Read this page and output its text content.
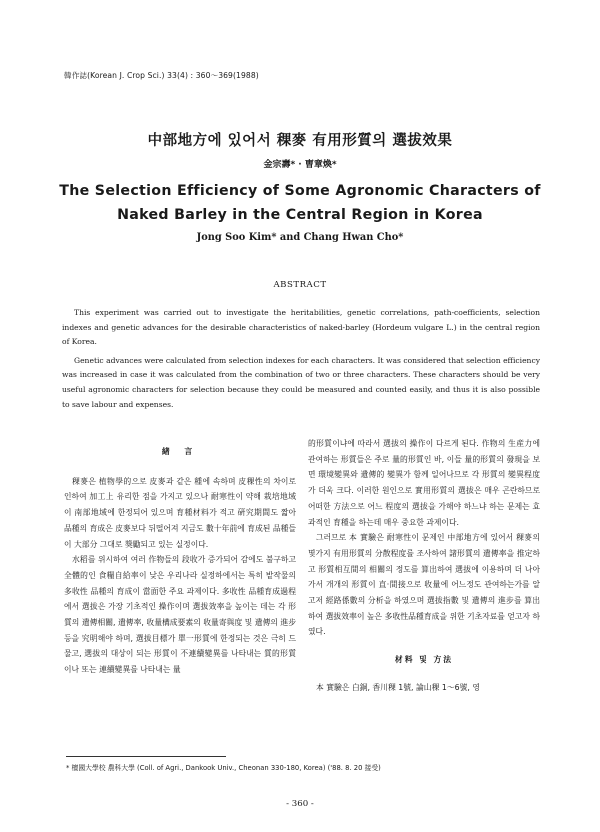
韓作誌(Korean J. Crop Sci.) 33(4) : 360～369(1988)
中部地方에 있어서 稞麥 有用形質의 選拔效果
金宗壽* · 曺章煥*
The Selection Efficiency of Some Agronomic Characters of
Naked Barley in the Central Region in Korea
Jong Soo Kim* and Chang Hwan Cho*
ABSTRACT

This experiment was carried out to investigate the heritabilities, genetic correlations, path-coefficients, selection indexes and genetic advances for the desirable characteristics of naked-barley (Hordeum vulgare L.) in the central region of Korea.

Genetic advances were calculated from selection indexes for each characters. It was considered that selection efficiency was increased in case it was calculated from the combination of two or three characters. These characters should be very useful agronomic characters for selection because they could be measured and counted easily, and thus it is also possible to save labour and expenses.

緖 言

稞麥은 植物學的으로 皮麥과 같은 種에 속하며 皮稞性의 차이로 인하여 加工上 유리한 점을 가지고 있으나 耐寒性이 약해 栽培地域이 南部地域에 한정되어 있으며 育種材料가 적고 硏究期間도 짧아 品種의 育成은 皮麥보다 뒤떨어져 지금도 數十年前에 育成된 品種들이 大部分 그대로 獎勵되고 있는 실정이다.

水稻를 위시하여 여러 作物들의 段收가 증가되어 감에도 불구하고 全體的인 食糧自給率이 낮은 우리나라 실정하에서는 특히 밭작물의 多收性 品種의 育成이 當面한 주요 과제이다. 多收性 品種育成過程에서 選拔은 가장 기초적인 操作이며 選拔效率을 높이는 데는 각 形質의 遺傳相關, 遺傳率, 收量構成要素의 收量寄與度 및 遺傳의 進步 등을 究明해야 하며, 選拔目標가 單一形質에 한정되는 것은 극히 드물고, 選拔의 대상이 되는 形質이 不連續變異를 나타내는 質的形質이나 또는 連續變異를 나타내는 量

的形質이냐에 따라서 選拔의 操作이 다르게 된다. 作物의 生産力에 관여하는 形質들은 주로 量的形質인 바, 이들 量的形質의 發現을 보면 環境變異와 遺傳的 變異가 함께 일어나므로 각 形質의 變異程度가 더욱 크다. 이러한 원인으로 實用形質의 選拔은 매우 곤란하므로 어떠한 方法으로 어느 程度의 選拔을 가해야 하느냐 하는 문제는 효과적인 育種을 하는데 매우 중요한 과제이다.

그러므로 本 實驗은 耐寒性이 문제인 中部地方에 있어서 稞麥의 몇가지 有用形質의 分散程度를 조사하여 諸形質의 遺傳率을 推定하고 形質相互間의 相關의 정도를 算出하여 選拔에 이용하며 더 나아가서 개개의 形質이 直·間接으로 收量에 어느정도 관여하는가를 알고저 經路係數의 分析을 하였으며 選拔指數 및 遺傳의 進步를 算出하여 選拔效率이 높은 多收性品種育成을 위한 기초자료를 얻고자 하였다.

材料 및 方法

本 實驗은 白銅, 香川稞 1號, 論山稞 1～6號, 영

* 檀國大學校 農科大學 (Coll. of Agri., Dankook Univ., Cheonan 330-180, Korea) ('88. 8. 20 接受)
- 360 -
